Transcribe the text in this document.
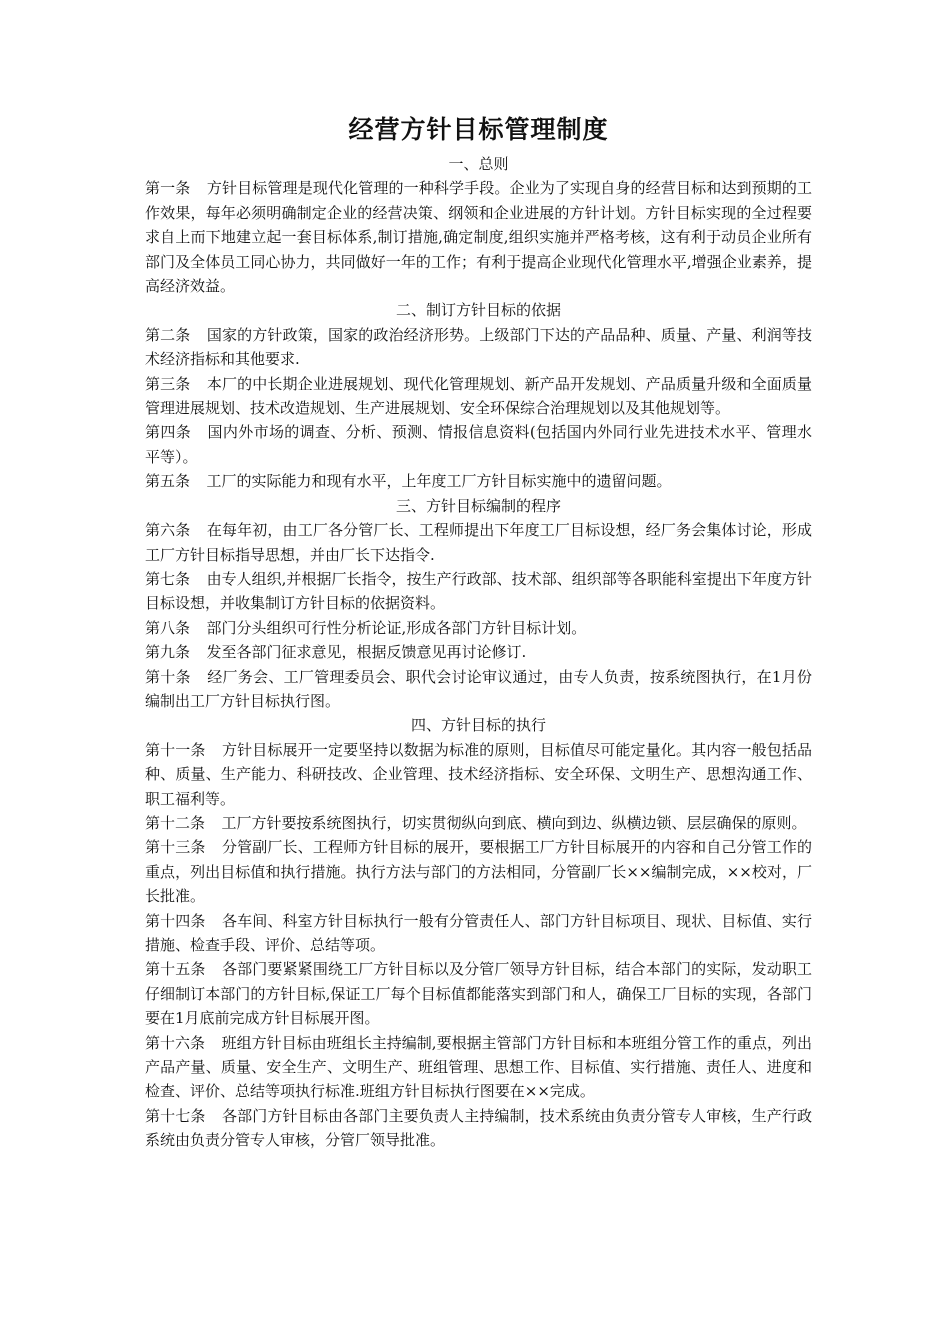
经营方针目标管理制度

一、总则

第一条 方针目标管理是现代化管理的一种科学手段。企业为了实现自身的经营目标和达到预期的工作效果，每年必须明确制定企业的经营决策、纲领和企业进展的方针计划。方针目标实现的全过程要求自上而下地建立起一套目标体系,制订措施,确定制度,组织实施并严格考核，这有利于动员企业所有部门及全体员工同心协力，共同做好一年的工作；有利于提高企业现代化管理水平,增强企业素养，提高经济效益。

二、制订方针目标的依据

第二条 国家的方针政策，国家的政治经济形势。上级部门下达的产品品种、质量、产量、利润等技术经济指标和其他要求.

第三条 本厂的中长期企业进展规划、现代化管理规划、新产品开发规划、产品质量升级和全面质量管理进展规划、技术改造规划、生产进展规划、安全环保综合治理规划以及其他规划等。

第四条 国内外市场的调查、分析、预测、情报信息资料(包括国内外同行业先进技术水平、管理水平等）。

第五条 工厂的实际能力和现有水平，上年度工厂方针目标实施中的遗留问题。

三、方针目标编制的程序

第六条 在每年初，由工厂各分管厂长、工程师提出下年度工厂目标设想，经厂务会集体讨论，形成工厂方针目标指导思想，并由厂长下达指令.

第七条 由专人组织,并根据厂长指令，按生产行政部、技术部、组织部等各职能科室提出下年度方针目标设想，并收集制订方针目标的依据资料。

第八条 部门分头组织可行性分析论证,形成各部门方针目标计划。

第九条 发至各部门征求意见，根据反馈意见再讨论修订.

第十条 经厂务会、工厂管理委员会、职代会讨论审议通过，由专人负责，按系统图执行，在1月份编制出工厂方针目标执行图。

四、方针目标的执行

第十一条 方针目标展开一定要坚持以数据为标准的原则，目标值尽可能定量化。其内容一般包括品种、质量、生产能力、科研技改、企业管理、技术经济指标、安全环保、文明生产、思想沟通工作、职工福利等。

第十二条 工厂方针要按系统图执行，切实贯彻纵向到底、横向到边、纵横边锁、层层确保的原则。

第十三条 分管副厂长、工程师方针目标的展开，要根据工厂方针目标展开的内容和自己分管工作的重点，列出目标值和执行措施。执行方法与部门的方法相同，分管副厂长××编制完成，××校对，厂长批准。

第十四条 各车间、科室方针目标执行一般有分管责任人、部门方针目标项目、现状、目标值、实行措施、检查手段、评价、总结等项。

第十五条 各部门要紧紧围绕工厂方针目标以及分管厂领导方针目标，结合本部门的实际，发动职工仔细制订本部门的方针目标,保证工厂每个目标值都能落实到部门和人，确保工厂目标的实现，各部门要在1月底前完成方针目标展开图。

第十六条 班组方针目标由班组长主持编制,要根据主管部门方针目标和本班组分管工作的重点，列出产品产量、质量、安全生产、文明生产、班组管理、思想工作、目标值、实行措施、责任人、进度和检查、评价、总结等项执行标准.班组方针目标执行图要在××完成。

第十七条 各部门方针目标由各部门主要负责人主持编制，技术系统由负责分管专人审核，生产行政系统由负责分管专人审核，分管厂领导批准。
